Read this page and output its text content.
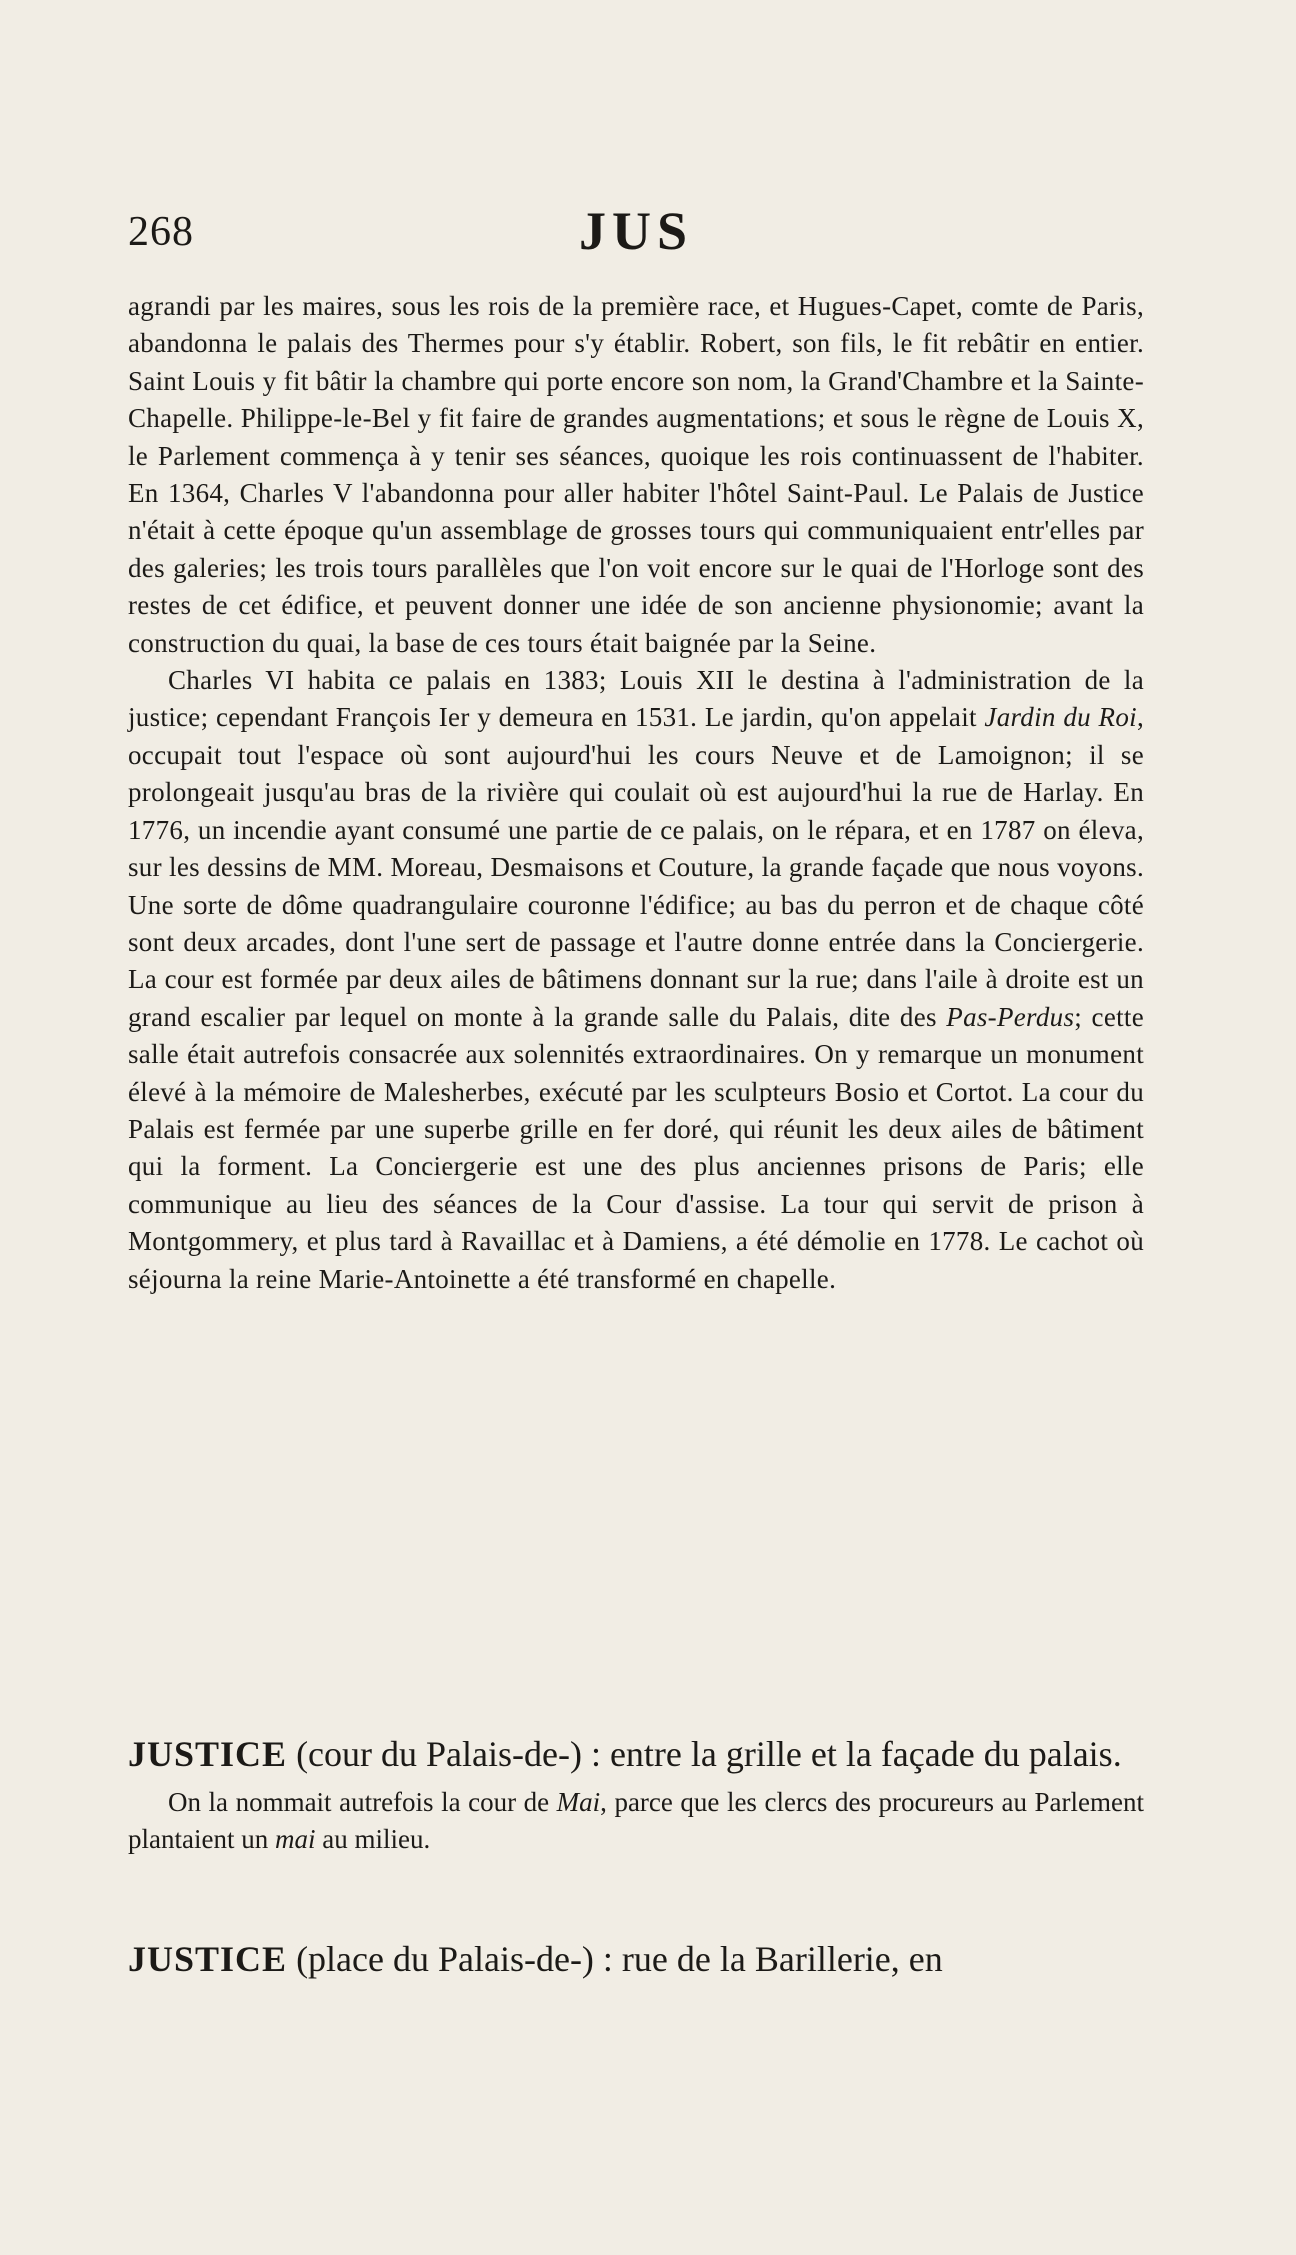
268	JUS

agrandi par les maires, sous les rois de la première race, et Hugues-Capet, comte de Paris, abandonna le palais des Thermes pour s'y établir. Robert, son fils, le fit rebâtir en entier. Saint Louis y fit bâtir la chambre qui porte encore son nom, la Grand'Chambre et la Sainte-Chapelle. Philippe-le-Bel y fit faire de grandes augmentations; et sous le règne de Louis X, le Parlement commença à y tenir ses séances, quoique les rois continuassent de l'habiter. En 1364, Charles V l'abandonna pour aller habiter l'hôtel Saint-Paul. Le Palais de Justice n'était à cette époque qu'un assemblage de grosses tours qui communiquaient entr'elles par des galeries; les trois tours parallèles que l'on voit encore sur le quai de l'Horloge sont des restes de cet édifice, et peuvent donner une idée de son ancienne physionomie; avant la construction du quai, la base de ces tours était baignée par la Seine.

Charles VI habita ce palais en 1383; Louis XII le destina à l'administration de la justice; cependant François Ier y demeura en 1531. Le jardin, qu'on appelait Jardin du Roi, occupait tout l'espace où sont aujourd'hui les cours Neuve et de Lamoignon; il se prolongeait jusqu'au bras de la rivière qui coulait où est aujourd'hui la rue de Harlay. En 1776, un incendie ayant consumé une partie de ce palais, on le répara, et en 1787 on éleva, sur les dessins de MM. Moreau, Desmaisons et Couture, la grande façade que nous voyons. Une sorte de dôme quadrangulaire couronne l'édifice; au bas du perron et de chaque côté sont deux arcades, dont l'une sert de passage et l'autre donne entrée dans la Conciergerie. La cour est formée par deux ailes de bâtimens donnant sur la rue; dans l'aile à droite est un grand escalier par lequel on monte à la grande salle du Palais, dite des Pas-Perdus; cette salle était autrefois consacrée aux solennités extraordinaires. On y remarque un monument élevé à la mémoire de Malesherbes, exécuté par les sculpteurs Bosio et Cortot. La cour du Palais est fermée par une superbe grille en fer doré, qui réunit les deux ailes de bâtiment qui la forment. La Conciergerie est une des plus anciennes prisons de Paris; elle communique au lieu des séances de la Cour d'assise. La tour qui servit de prison à Montgommery, et plus tard à Ravaillac et à Damiens, a été démolie en 1778. Le cachot où séjourna la reine Marie-Antoinette a été transformé en chapelle.

JUSTICE (cour du Palais-de-) : entre la grille et la façade du palais.

On la nommait autrefois la cour de Mai, parce que les clercs des procureurs au Parlement plantaient un mai au milieu.

JUSTICE (place du Palais-de-) : rue de la Barillerie, en
